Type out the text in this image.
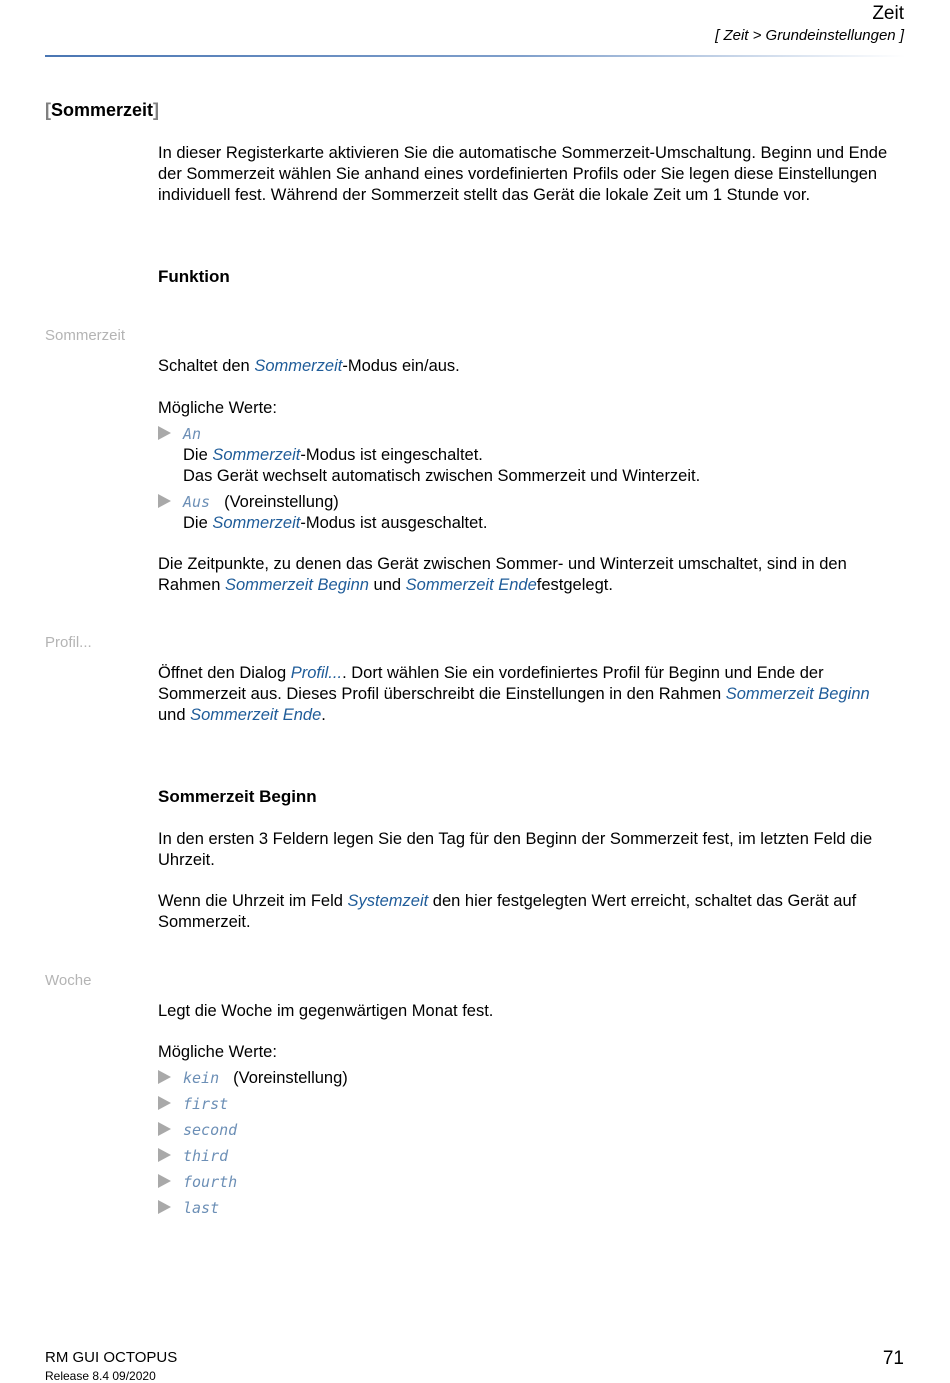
Zeit
[ Zeit > Grundeinstellungen ]
[Sommerzeit]
In dieser Registerkarte aktivieren Sie die automatische Sommerzeit-Umschaltung. Beginn und Ende der Sommerzeit wählen Sie anhand eines vordefinierten Profils oder Sie legen diese Einstellungen individuell fest. Während der Sommerzeit stellt das Gerät die lokale Zeit um 1 Stunde vor.
Funktion
Sommerzeit
Schaltet den Sommerzeit-Modus ein/aus.
Mögliche Werte:
An
Die Sommerzeit-Modus ist eingeschaltet.
Das Gerät wechselt automatisch zwischen Sommerzeit und Winterzeit.
Aus (Voreinstellung)
Die Sommerzeit-Modus ist ausgeschaltet.
Die Zeitpunkte, zu denen das Gerät zwischen Sommer- und Winterzeit umschaltet, sind in den
Rahmen Sommerzeit Beginn und Sommerzeit Endefestgelegt.
Profil...
Öffnet den Dialog Profil.... Dort wählen Sie ein vordefiniertes Profil für Beginn und Ende der
Sommerzeit aus. Dieses Profil überschreibt die Einstellungen in den Rahmen Sommerzeit Beginn
und Sommerzeit Ende.
Sommerzeit Beginn
In den ersten 3 Feldern legen Sie den Tag für den Beginn der Sommerzeit fest, im letzten Feld die Uhrzeit.
Wenn die Uhrzeit im Feld Systemzeit den hier festgelegten Wert erreicht, schaltet das Gerät auf
Sommerzeit.
Woche
Legt die Woche im gegenwärtigen Monat fest.
Mögliche Werte:
kein (Voreinstellung)
first
second
third
fourth
last
RM GUI OCTOPUS
Release 8.4 09/2020
71
